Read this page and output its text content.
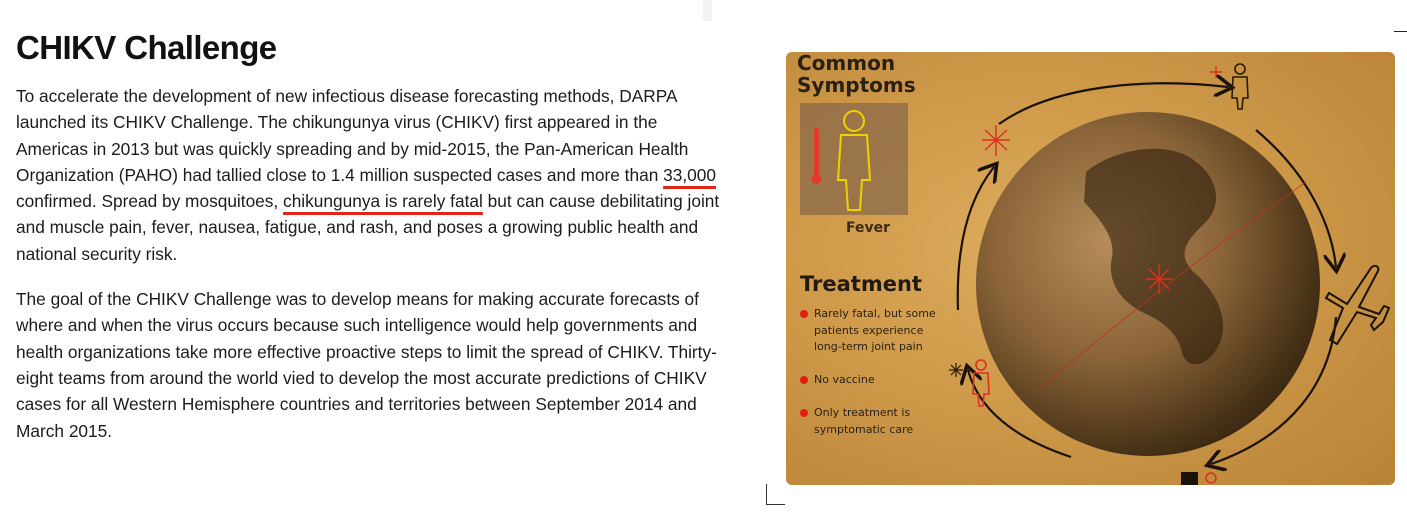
CHIKV Challenge

To accelerate the development of new infectious disease forecasting methods, DARPA launched its CHIKV Challenge. The chikungunya virus (CHIKV) first appeared in the Americas in 2013 but was quickly spreading and by mid-2015, the Pan-American Health Organization (PAHO) had tallied close to 1.4 million suspected cases and more than 33,000 confirmed. Spread by mosquitoes, chikungunya is rarely fatal but can cause debilitating joint and muscle pain, fever, nausea, fatigue, and rash, and poses a growing public health and national security risk.

The goal of the CHIKV Challenge was to develop means for making accurate forecasts of where and when the virus occurs because such intelligence would help governments and health organizations take more effective proactive steps to limit the spread of CHIKV. Thirty-eight teams from around the world vied to develop the most accurate predictions of CHIKV cases for all Western Hemisphere countries and territories between September 2014 and March 2015.

Common
Symptoms
Fever
Treatment
Rarely fatal, but some patients experience long-term joint pain
No vaccine
Only treatment is symptomatic care
